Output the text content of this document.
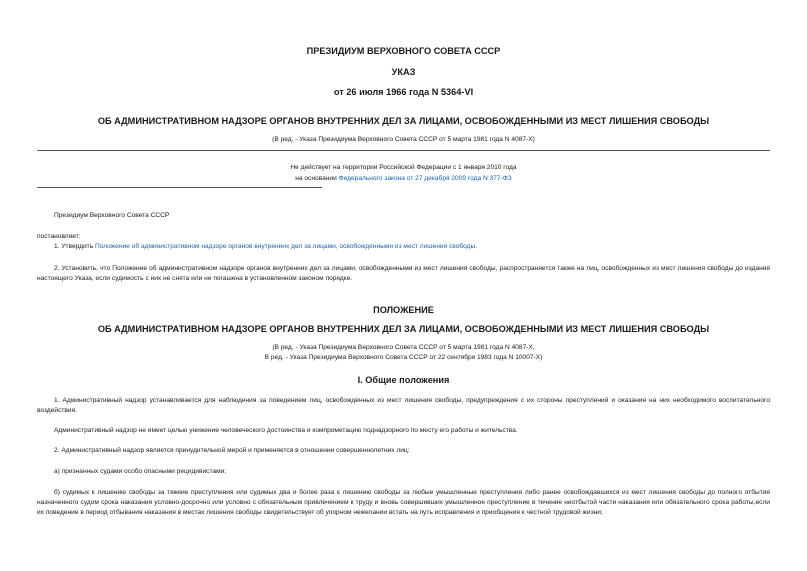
ПРЕЗИДИУМ ВЕРХОВНОГО СОВЕТА СССР
УКАЗ
от 26 июля 1966 года N 5364-VI
ОБ АДМИНИСТРАТИВНОМ НАДЗОРЕ ОРГАНОВ ВНУТРЕННИХ ДЕЛ ЗА ЛИЦАМИ, ОСВОБОЖДЕННЫМИ ИЗ МЕСТ ЛИШЕНИЯ СВОБОДЫ
(В ред. - Указа Президиума Верховного Совета СССР от 5 марта 1981 года N 4087-X)
Не действует на территории Российской Федерации с 1 января 2010 года
на основании Федерального закона от 27 декабря 2009 года N 377-ФЗ
Президиум Верховного Совета СССР
постановляет:
1. Утвердить Положение об административном надзоре органов внутренних дел за лицами, освобожденными из мест лишения свободы.
2. Установить, что Положение об административном надзоре органов внутренних дел за лицами, освобожденными из мест лишения свободы, распространяется также на лиц, освобожденных из мест лишения свободы до издания настоящего Указа, если судимость с них не снята или не погашена в установленном законом порядке.
ПОЛОЖЕНИЕ
ОБ АДМИНИСТРАТИВНОМ НАДЗОРЕ ОРГАНОВ ВНУТРЕННИХ ДЕЛ ЗА ЛИЦАМИ, ОСВОБОЖДЕННЫМИ ИЗ МЕСТ ЛИШЕНИЯ СВОБОДЫ
(В ред. - Указа Президиума Верховного Совета СССР от 5 марта 1981 года N 4087-X,
В ред. - Указа Президиума Верховного Совета СССР от 22 сентября 1983 года N 10007-X)
I. Общие положения
1. Административный надзор устанавливается для наблюдения за поведением лиц, освобожденных из мест лишения свободы, предупреждения с их стороны преступлений и оказания на них необходимого воспитательного воздействия.
Административный надзор не имеет целью унижение человеческого достоинства и компрометацию поднадзорного по месту его работы и жительства.
2. Административный надзор является принудительной мерой и применяется в отношении совершеннолетних лиц:
а) признанных судами особо опасными рецидивистами;
б) судимых к лишению свободы за тяжкие преступления или судимых два и более раза к лишению свободы за любые умышленные преступления либо ранее освобождавшихся из мест лишения свободы до полного отбытия назначенного судом срока наказания условно-досрочно или условно с обязательным привлечением к труду и вновь совершивших умышленное преступление в течение неотбытой части наказания или обязательного срока работы,если их поведение в период отбывания наказания в местах лишения свободы свидетельствует об упорном нежелании встать на путь исправления и приобщения к честной трудовой жизни;
